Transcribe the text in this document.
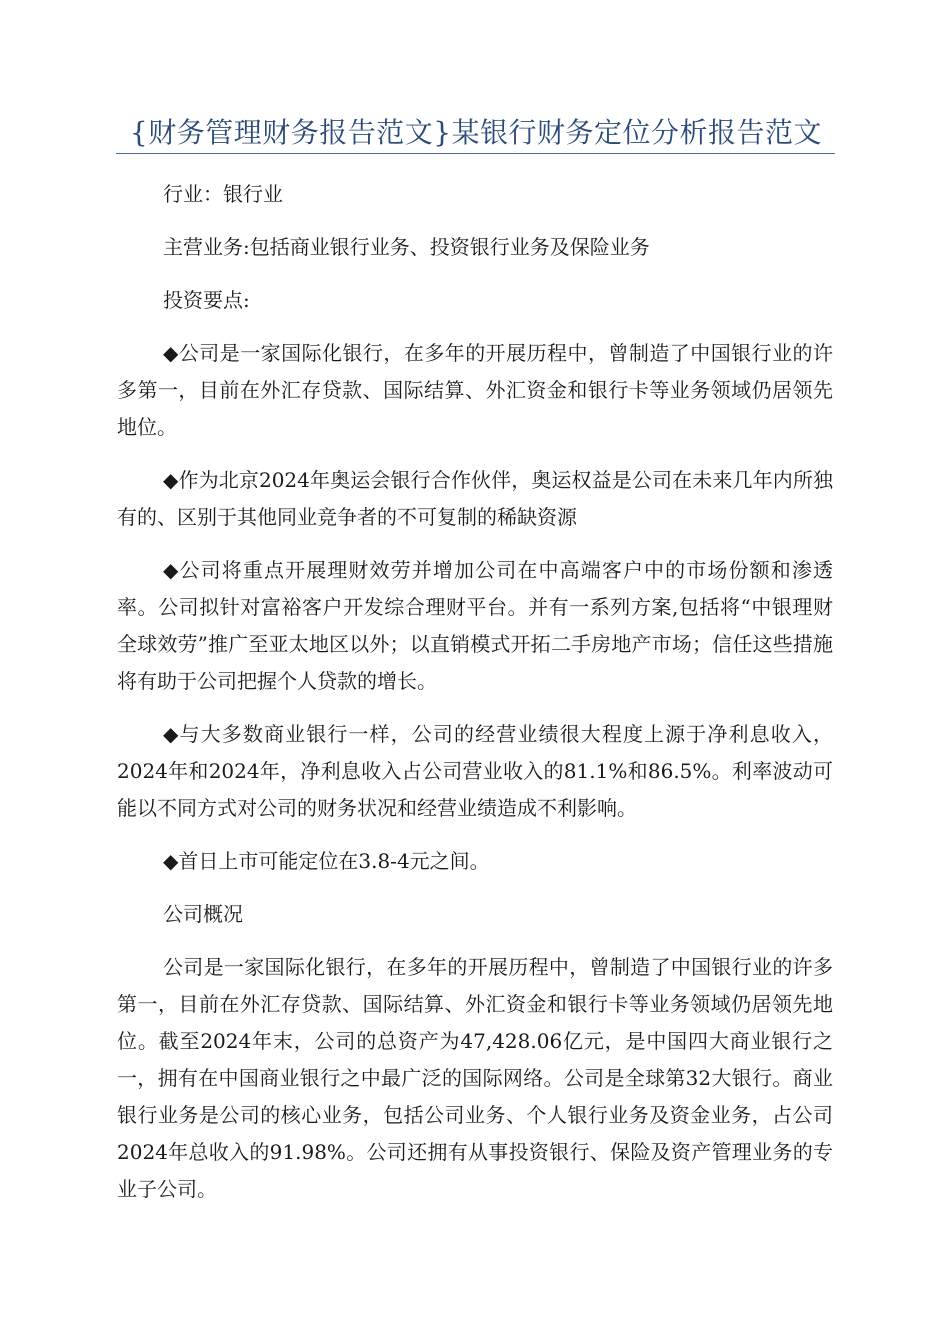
{财务管理财务报告范文}某银行财务定位分析报告范文

行业：银行业

主营业务:包括商业银行业务、投资银行业务及保险业务

投资要点:

◆公司是一家国际化银行，在多年的开展历程中，曾制造了中国银行业的许多第一，目前在外汇存贷款、国际结算、外汇资金和银行卡等业务领域仍居领先地位。

◆作为北京2024年奥运会银行合作伙伴，奥运权益是公司在未来几年内所独有的、区别于其他同业竞争者的不可复制的稀缺资源

◆公司将重点开展理财效劳并增加公司在中高端客户中的市场份额和渗透率。公司拟针对富裕客户开发综合理财平台。并有一系列方案,包括将“中银理财全球效劳”推广至亚太地区以外；以直销模式开拓二手房地产市场；信任这些措施将有助于公司把握个人贷款的增长。

◆与大多数商业银行一样，公司的经营业绩很大程度上源于净利息收入，2024年和2024年，净利息收入占公司营业收入的81.1%和86.5%。利率波动可能以不同方式对公司的财务状况和经营业绩造成不利影响。

◆首日上市可能定位在3.8-4元之间。

公司概况

公司是一家国际化银行，在多年的开展历程中，曾制造了中国银行业的许多第一，目前在外汇存贷款、国际结算、外汇资金和银行卡等业务领域仍居领先地位。截至2024年末，公司的总资产为47,428.06亿元，是中国四大商业银行之一，拥有在中国商业银行之中最广泛的国际网络。公司是全球第32大银行。商业银行业务是公司的核心业务，包括公司业务、个人银行业务及资金业务，占公司2024年总收入的91.98%。公司还拥有从事投资银行、保险及资产管理业务的专业子公司。
